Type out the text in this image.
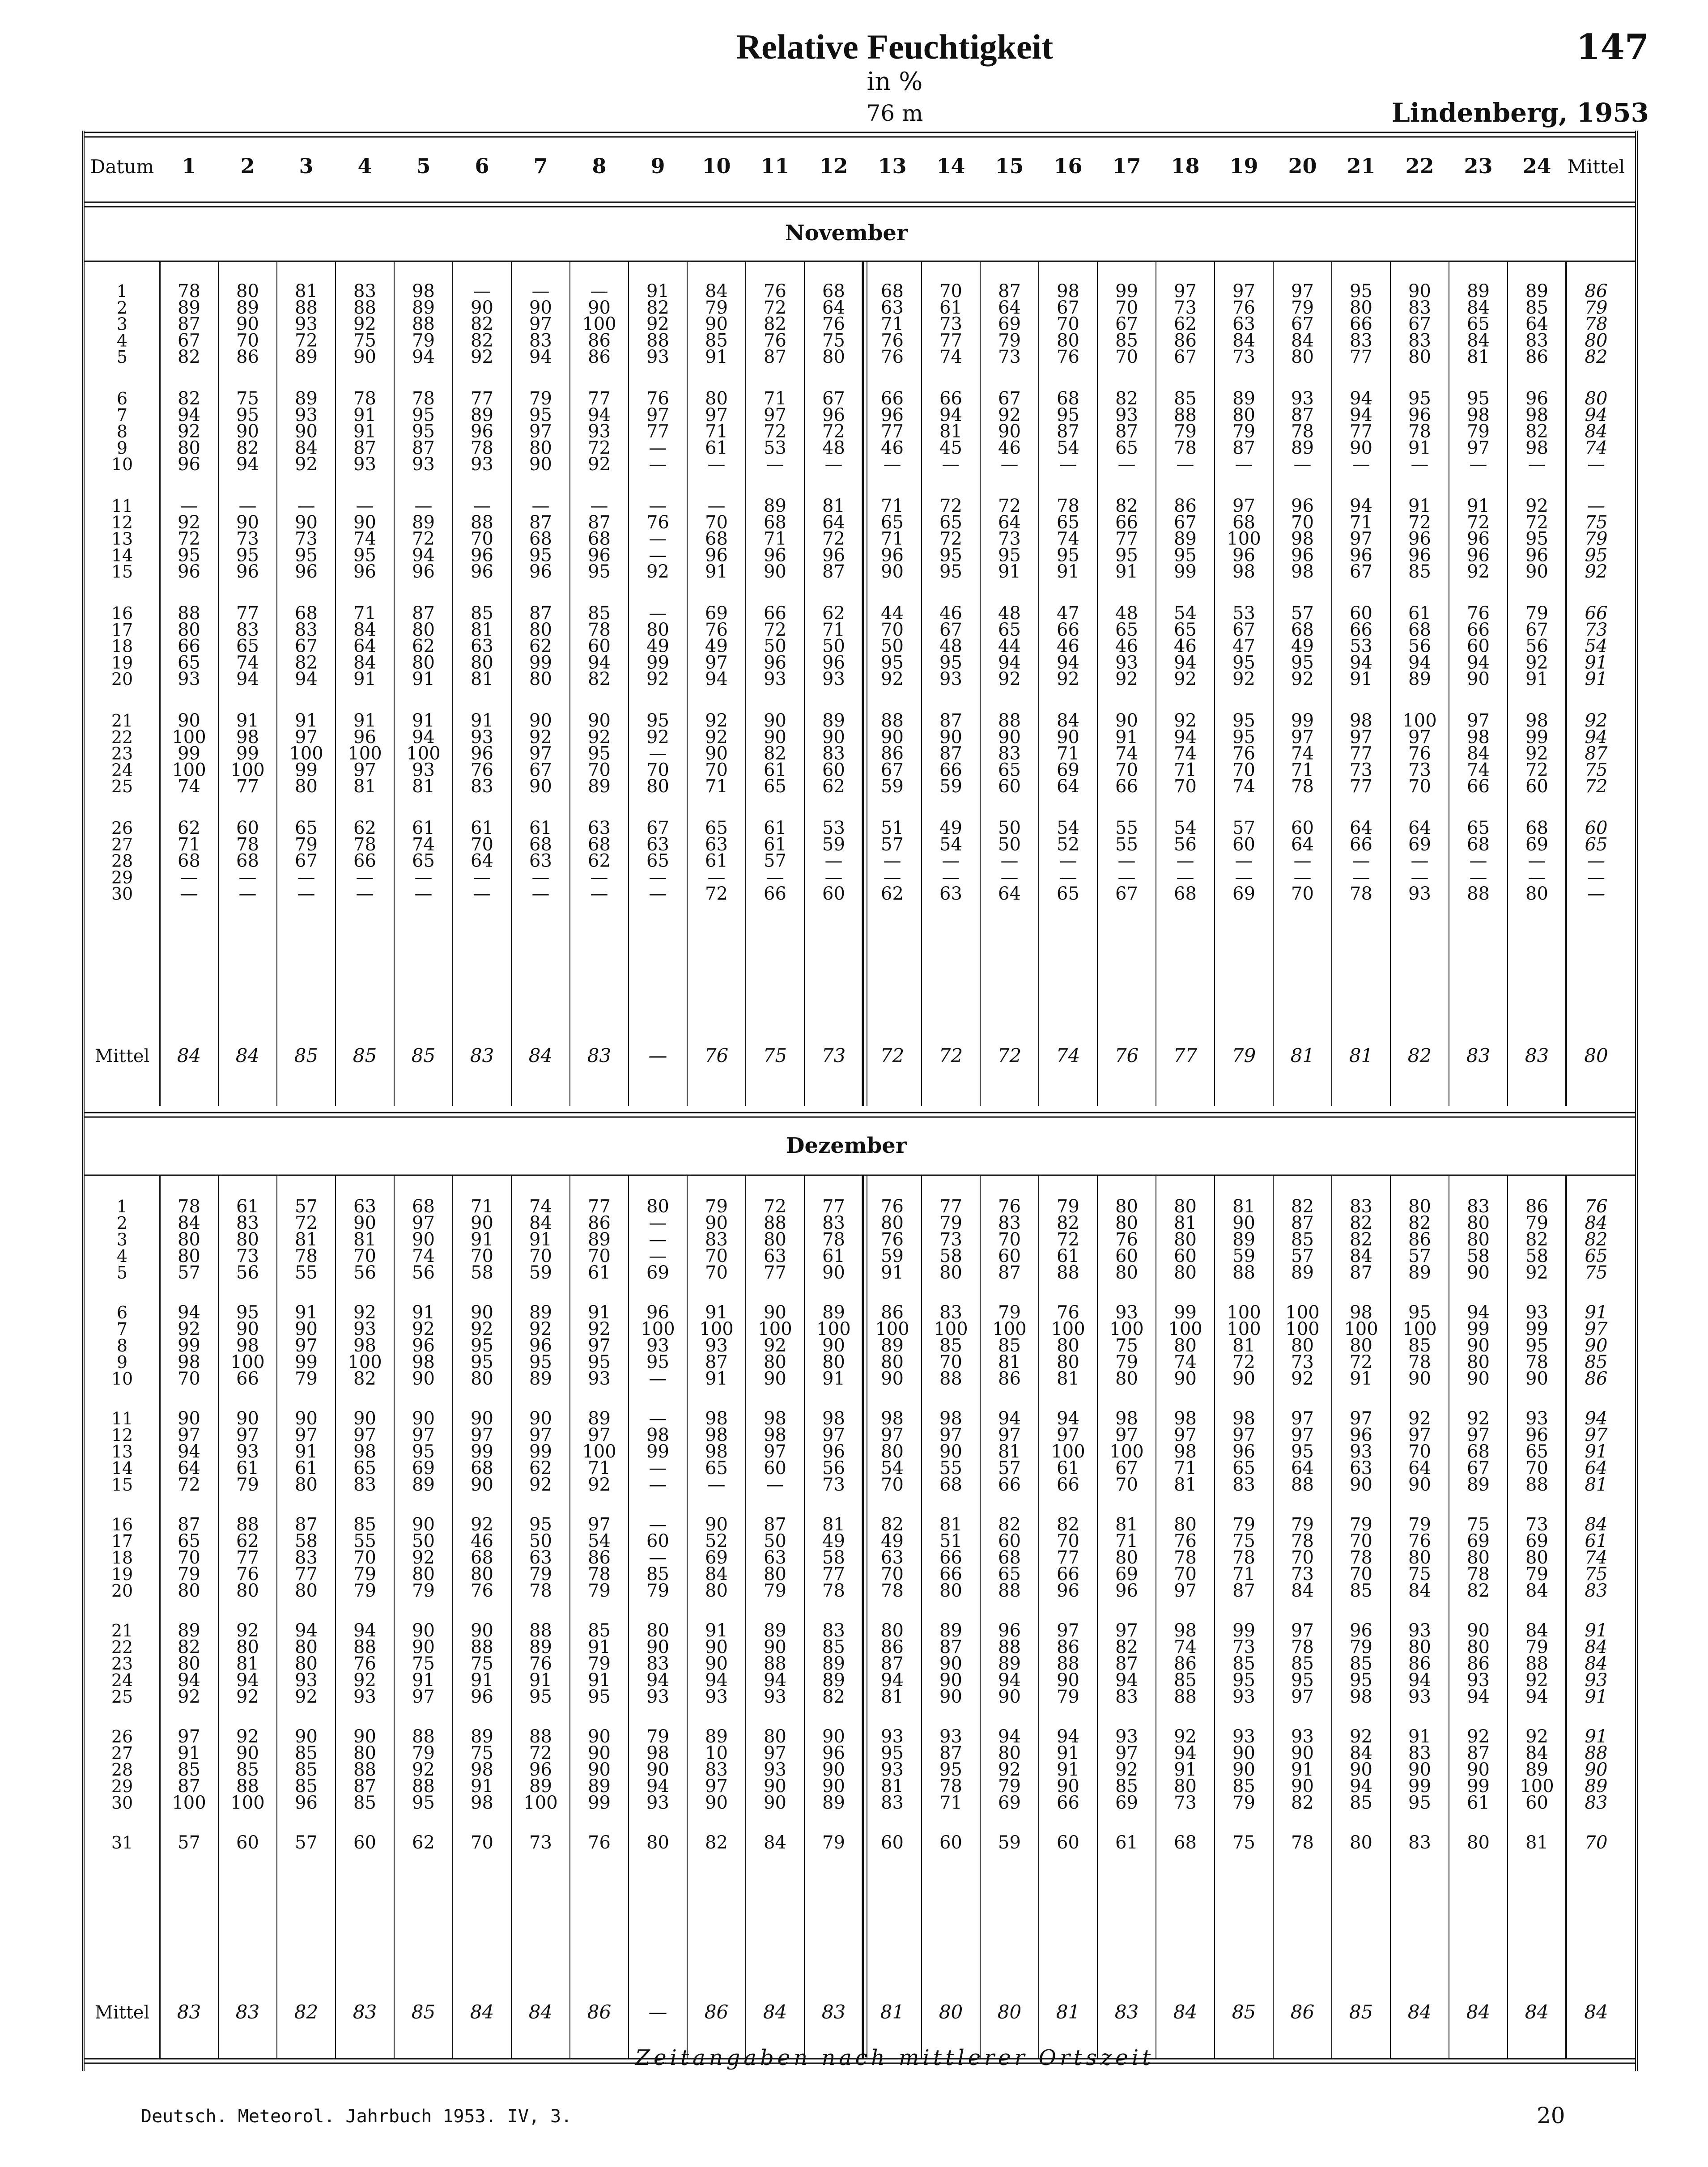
Relative Feuchtigkeit
in %
76 m
147
Lindenberg, 1953
Datum 1 2 3 4 5 6 7 8 9 10 11 12 13 14 15 16 17 18 19 20 21 22 23 24 Mittel
November
1	78 80 81 83 98 — — — 91 84 76 68 68 70 87 98 99 97 97 97 95 90 89 89 86
2	89 89 88 88 89 90 90 90 82 79 72 64 63 61 64 67 70 73 76 79 80 83 84 85 79
3	87 90 93 92 88 82 97 100 92 90 82 76 71 73 69 70 67 62 63 67 66 67 65 64 78
4	67 70 72 75 79 82 83 86 88 85 76 75 76 77 79 80 85 86 84 84 83 83 84 83 80
5	82 86 89 90 94 92 94 86 93 91 87 80 76 74 73 76 70 67 73 80 77 80 81 86 82
6	82 75 89 78 78 77 79 77 76 80 71 67 66 66 67 68 82 85 89 93 94 95 95 96 80
7	94 95 93 91 95 89 95 94 97 97 97 96 96 94 92 95 93 88 80 87 94 96 98 98 94
8	92 90 90 91 95 96 97 93 77 71 72 72 77 81 90 87 87 79 79 78 77 78 79 82 84
9	80 82 84 87 87 78 80 72 — 61 53 48 46 45 46 54 65 78 87 89 90 91 97 98 74
10 96 94 92 93 93 93 90 92 — — — — — — — — — — — — — — — — —
11	— — — — — — — — — — 89 81 71 72 72 78 82 86 97 96 94 91 91 92 —
12 92 90 90 90 89 88 87 87 76 70 68 64 65 65 64 65 66 67 68 70 71 72 72 72 75
13 72 73 73 74 72 70 68 68 — 68 71 72 71 72 73 74 77 89 100 98 97 96 96 95 79
14 95 95 95 95 94 96 95 96 — 96 96 96 96 95 95 95 95 95 96 96 96 96 96 96 95
15 96 96 96 96 96 96 96 95 92 91 90 87 90 95 91 91 91 99 98 98 67 85 92 90 92
16 88 77 68 71 87 85 87 85 — 69 66 62 44 46 48 47 48 54 53 57 60 61 76 79 66
17 80 83 83 84 80 81 80 78 80 76 72 71 70 67 65 66 65 65 67 68 66 68 66 67 73
18 66 65 67 64 62 63 62 60 49 49 50 50 50 48 44 46 46 46 47 49 53 56 60 56 54
19 65 74 82 84 80 80 99 94 99 97 96 96 95 95 94 94 93 94 95 95 94 94 94 92 91
20 93 94 94 91 91 81 80 82 92 94 93 93 92 93 92 92 92 92 92 92 91 89 90 91 91
21 90 91 91 91 91 91 90 90 95 92 90 89 88 87 88 84 90 92 95 99 98 100 97 98 92
22 100 98 97 96 94 93 92 92 92 92 90 90 90 90 90 90 91 94 95 97 97 97 98 99 94
23 99 99 100 100 100 96 97 95 — 90 82 83 86 87 83 71 74 74 76 74 77 76 84 92 87
24 100 100 99 97 93 76 67 70 70 70 61 60 67 66 65 69 70 71 70 71 73 73 74 72 75
25 74 77 80 81 81 83 90 89 80 71 65 62 59 59 60 64 66 70 74 78 77 70 66 60 72
26 62 60 65 62 61 61 61 63 67 65 61 53 51 49 50 54 55 54 57 60 64 64 65 68 60
27 71 78 79 78 74 70 68 68 63 63 61 59 57 54 50 52 55 56 60 64 66 69 68 69 65
28 68 68 67 66 65 64 63 62 65 61 57 — — — — — — — — — — — — — —
29	— — — — — — — — — — — — — — — — — — — — — — — — —
30	— — — — — — — — — 72 66 60 62 63 64 65 67 68 69 70 78 93 88 80 —
Mittel 84 84 85 85 85 83 84 83 — 76 75 73 72 72 72 74 76 77 79 81 81 82 83 83 80
Dezember
1	78 61 57 63 68 71 74 77 80 79 72 77 76 77 76 79 80 80 81 82 83 80 83 86 76
2	84 83 72 90 97 90 84 86 — 90 88 83 80 79 83 82 80 81 90 87 82 82 80 79 84
3	80 80 81 81 90 91 91 89 — 83 80 78 76 73 70 72 76 80 89 85 82 86 80 82 82
4	80 73 78 70 74 70 70 70 — 70 63 61 59 58 60 61 60 60 59 57 84 57 58 58 65
5	57 56 55 56 56 58 59 61 69 70 77 90 91 80 87 88 80 80 88 89 87 89 90 92 75
6	94 95 91 92 91 90 89 91 96 91 90 89 86 83 79 76 93 99 100 100 98 95 94 93 91
7	92 90 90 93 92 92 92 92 100 100 100 100 100 100 100 100 100 100 100 100 100 100 99 99 97
8	99 98 97 98 96 95 96 97 93 93 92 90 89 85 85 80 75 80 81 80 80 85 90 95 90
9	98 100 99 100 98 95 95 95 95 87 80 80 80 70 81 80 79 74 72 73 72 78 80 78 85
10 70 66 79 82 90 80 89 93 — 91 90 91 90 88 86 81 80 90 90 92 91 90 90 90 86
11 90 90 90 90 90 90 90 89 — 98 98 98 98 98 94 94 98 98 98 97 97 92 92 93 94
12 97 97 97 97 97 97 97 97 98 98 98 97 97 97 97 97 97 97 97 97 96 97 97 96 97
13 94 93 91 98 95 99 99 100 99 98 97 96 80 90 81 100 100 98 96 95 93 70 68 65 91
14 64 61 61 65 69 68 62 71 — 65 60 56 54 55 57 61 67 71 65 64 63 64 67 70 64
15 72 79 80 83 89 90 92 92 — — — 73 70 68 66 66 70 81 83 88 90 90 89 88 81
16 87 88 87 85 90 92 95 97 — 90 87 81 82 81 82 82 81 80 79 79 79 79 75 73 84
17 65 62 58 55 50 46 50 54 60 52 50 49 49 51 60 70 71 76 75 78 70 76 69 69 61
18 70 77 83 70 92 68 63 86 — 69 63 58 63 66 68 77 80 78 78 70 78 80 80 80 74
19 79 76 77 79 80 80 79 78 85 84 80 77 70 66 65 66 69 70 71 73 70 75 78 79 75
20 80 80 80 79 79 76 78 79 79 80 79 78 78 80 88 96 96 97 87 84 85 84 82 84 83
21 89 92 94 94 90 90 88 85 80 91 89 83 80 89 96 97 97 98 99 97 96 93 90 84 91
22 82 80 80 88 90 88 89 91 90 90 90 85 86 87 88 86 82 74 73 78 79 80 80 79 84
23 80 81 80 76 75 75 76 79 83 90 88 89 87 90 89 88 87 86 85 85 85 86 86 88 84
24 94 94 93 92 91 91 91 91 94 94 94 89 94 90 94 90 94 85 95 95 95 94 93 92 93
25 92 92 92 93 97 96 95 95 93 93 93 82 81 90 90 79 83 88 93 97 98 93 94 94 91
26 97 92 90 90 88 89 88 90 79 89 80 90 93 93 94 94 93 92 93 93 92 91 92 92 91
27 91 90 85 80 79 75 72 90 98 10 97 96 95 87 80 91 97 94 90 90 84 83 87 84 88
28 85 85 85 88 92 98 96 90 90 83 93 90 93 95 92 91 92 91 90 91 90 90 90 89 90
29 87 88 85 87 88 91 89 89 94 97 90 90 81 78 79 90 85 80 85 90 94 99 99 100 89
30 100 100 96 85 95 98 100 99 93 90 90 89 83 71 69 66 69 73 79 82 85 95 61 60 83
31 57 60 57 60 62 70 73 76 80 82 84 79 60 60 59 60 61 68 75 78 80 83 80 81 70
Mittel 83 83 82 83 85 84 84 86 — 86 84 83 81 80 80 81 83 84 85 86 85 84 84 84 84
Zeitangaben nach mittlerer Ortszeit
Deutsch. Meteorol. Jahrbuch 1953. IV, 3.	20
